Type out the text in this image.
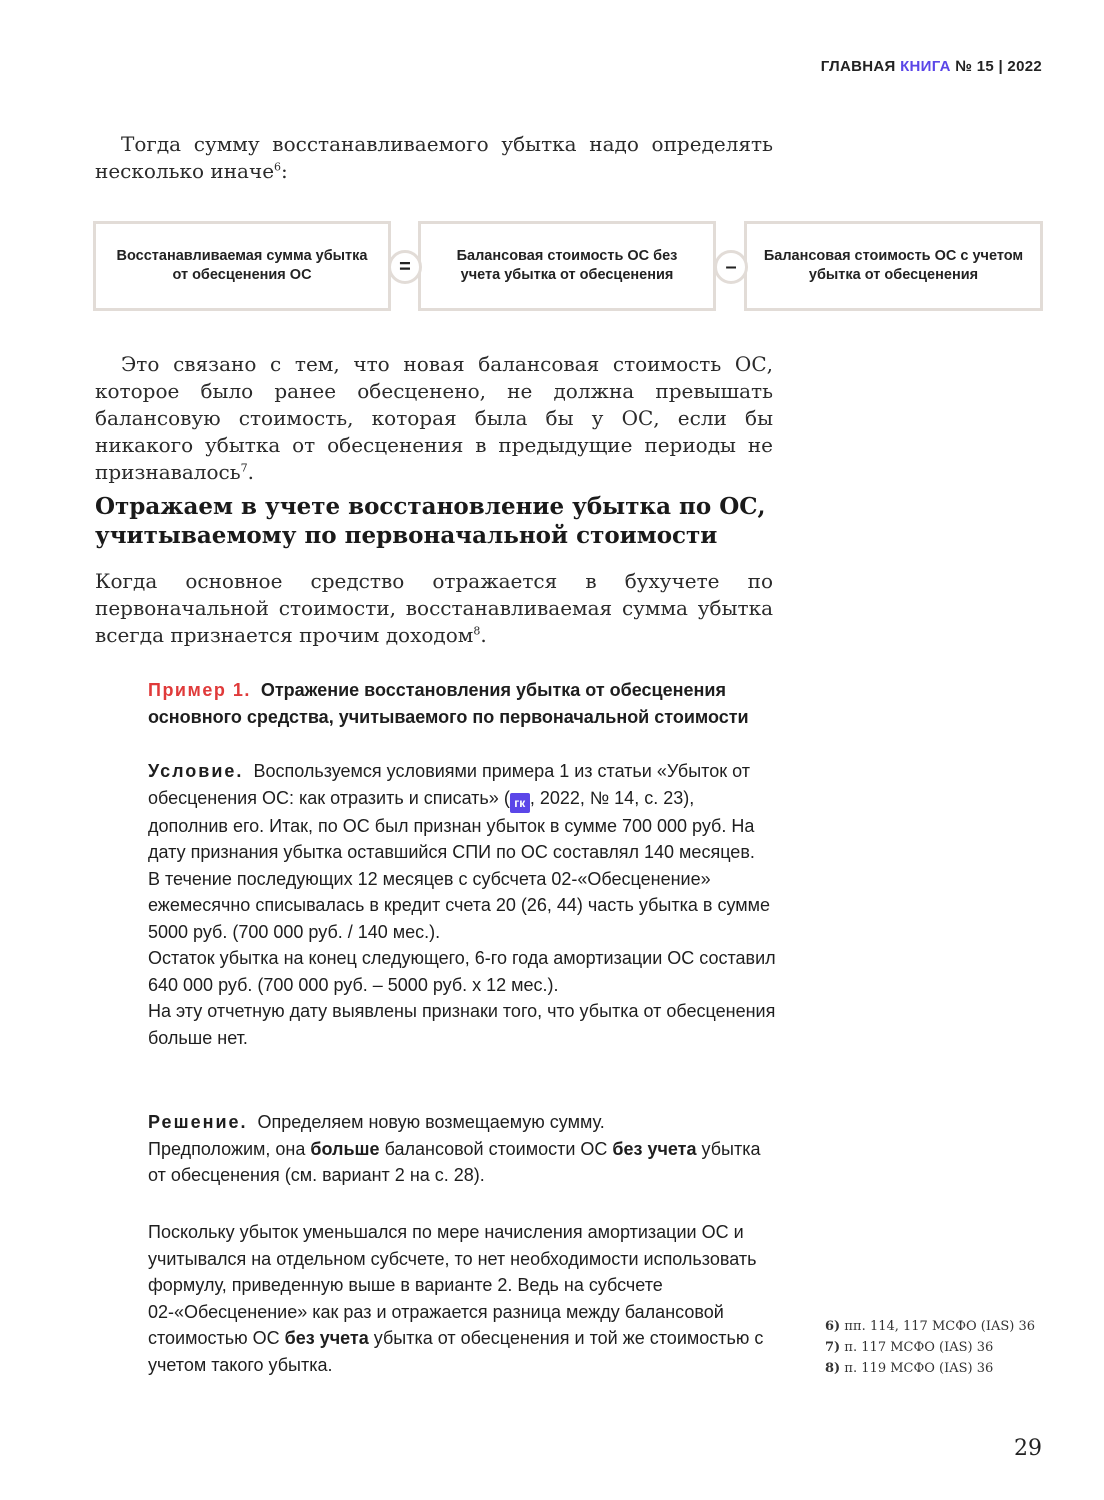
ГЛАВНАЯ КНИГА № 15 | 2022

Тогда сумму восстанавливаемого убытка надо определять несколько иначе$^6$:

Восстанавливаемая сумма убытка от обесценения ОС
Балансовая стоимость ОС без учета убытка от обесценения
Балансовая стоимость ОС с учетом убытка от обесценения
=	–

Это связано с тем, что новая балансовая стоимость ОС, которое было ранее обесценено, не должна превышать балансовую стоимость, которая была бы у ОС, если бы никакого убытка от обесценения в предыдущие периоды не признавалось$^7$.

Отражаем в учете восстановление убытка по ОС, учитываемому по первоначальной стоимости

Когда основное средство отражается в бухучете по первоначальной стоимости, восстанавливаемая сумма убытка всегда признается прочим доходом$^8$.

Пример 1. Отражение восстановления убытка от обесценения основного средства, учитываемого по первоначальной стоимости

Условие. Воспользуемся условиями примера 1 из статьи «Убыток от обесценения ОС: как отразить и списать» ( гк , 2022, № 14, с. 23), дополнив его. Итак, по ОС был признан убыток в сумме 700 000 руб. На дату признания убытка оставшийся СПИ по ОС составлял 140 месяцев.

В течение последующих 12 месяцев с субсчета 02-«Обесценение» ежемесячно списывалась в кредит счета 20 (26, 44) часть убытка в сумме 5000 руб. (700 000 руб. / 140 мес.).

Остаток убытка на конец следующего, 6-го года амортизации ОС составил 640 000 руб. (700 000 руб. – 5000 руб. х 12 мес.).

На эту отчетную дату выявлены признаки того, что убытка от обесценения больше нет.

Решение. Определяем новую возмещаемую сумму.

Предположим, она больше балансовой стоимости ОС без учета убытка от обесценения (см. вариант 2 на с. 28).

Поскольку убыток уменьшался по мере начисления амортизации ОС и учитывался на отдельном субсчете, то нет необходимости использовать формулу, приведенную выше в варианте 2. Ведь на субсчете 02-«Обесценение» как раз и отражается разница между балансовой стоимостью ОС без учета убытка от обесценения и той же стоимостью с учетом такого убытка.

6) пп. 114, 117 МСФО (IAS) 36
7) п. 117 МСФО (IAS) 36
8) п. 119 МСФО (IAS) 36
29
